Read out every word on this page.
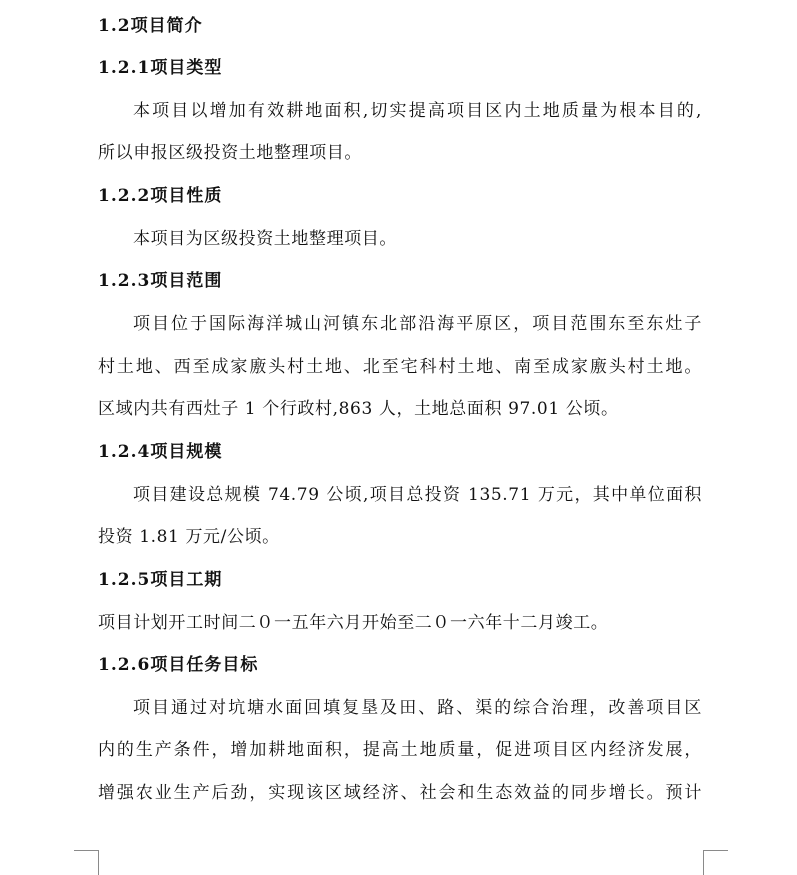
1.2项目简介
1.2.1项目类型
本项目以增加有效耕地面积,切实提高项目区内土地质量为根本目的,
所以申报区级投资土地整理项目。
1.2.2项目性质
本项目为区级投资土地整理项目。
1.2.3项目范围
项目位于国际海洋城山河镇东北部沿海平原区，项目范围东至东灶子
村土地、西至成家廒头村土地、北至宅科村土地、南至成家廒头村土地。
区域内共有西灶子 1 个行政村,863 人，土地总面积 97.01 公顷。
1.2.4项目规模
项目建设总规模 74.79 公顷,项目总投资 135.71 万元，其中单位面积
投资 1.81 万元/公顷。
1.2.5项目工期
项目计划开工时间二０一五年六月开始至二０一六年十二月竣工。
1.2.6项目任务目标
项目通过对坑塘水面回填复垦及田、路、渠的综合治理，改善项目区
内的生产条件，增加耕地面积，提高土地质量，促进项目区内经济发展，
增强农业生产后劲，实现该区域经济、社会和生态效益的同步增长。预计
